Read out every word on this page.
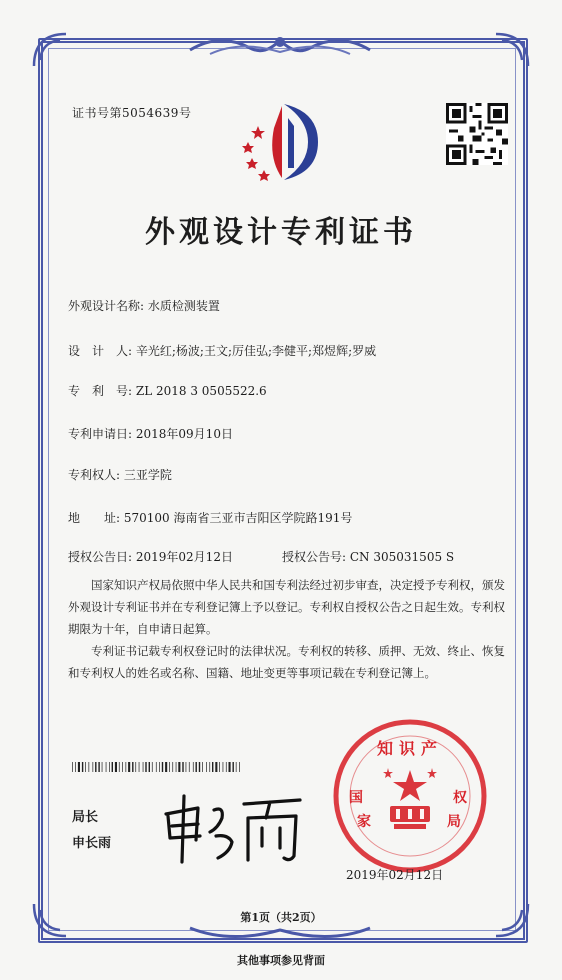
证书号第5054639号
外观设计专利证书
外观设计名称: 水质检测装置
设　计　人: 辛光红;杨波;王文;厉佳弘;李健平;郑煜辉;罗威
专　利　号: ZL 2018 3 0505522.6
专利申请日: 2018年09月10日
专利权人: 三亚学院
地　　址: 570100 海南省三亚市吉阳区学院路191号
授权公告日: 2019年02月12日	授权公告号: CN 305031505 S
国家知识产权局依照中华人民共和国专利法经过初步审查，决定授予专利权，颁发外观设计专利证书并在专利登记簿上予以登记。专利权自授权公告之日起生效。专利权期限为十年，自申请日起算。
专利证书记载专利权登记时的法律状况。专利权的转移、质押、无效、终止、恢复和专利权人的姓名或名称、国籍、地址变更等事项记载在专利登记簿上。
局长
申长雨
知识产
国
家
权
局
2019年02月12日
第1页（共2页）
其他事项参见背面
